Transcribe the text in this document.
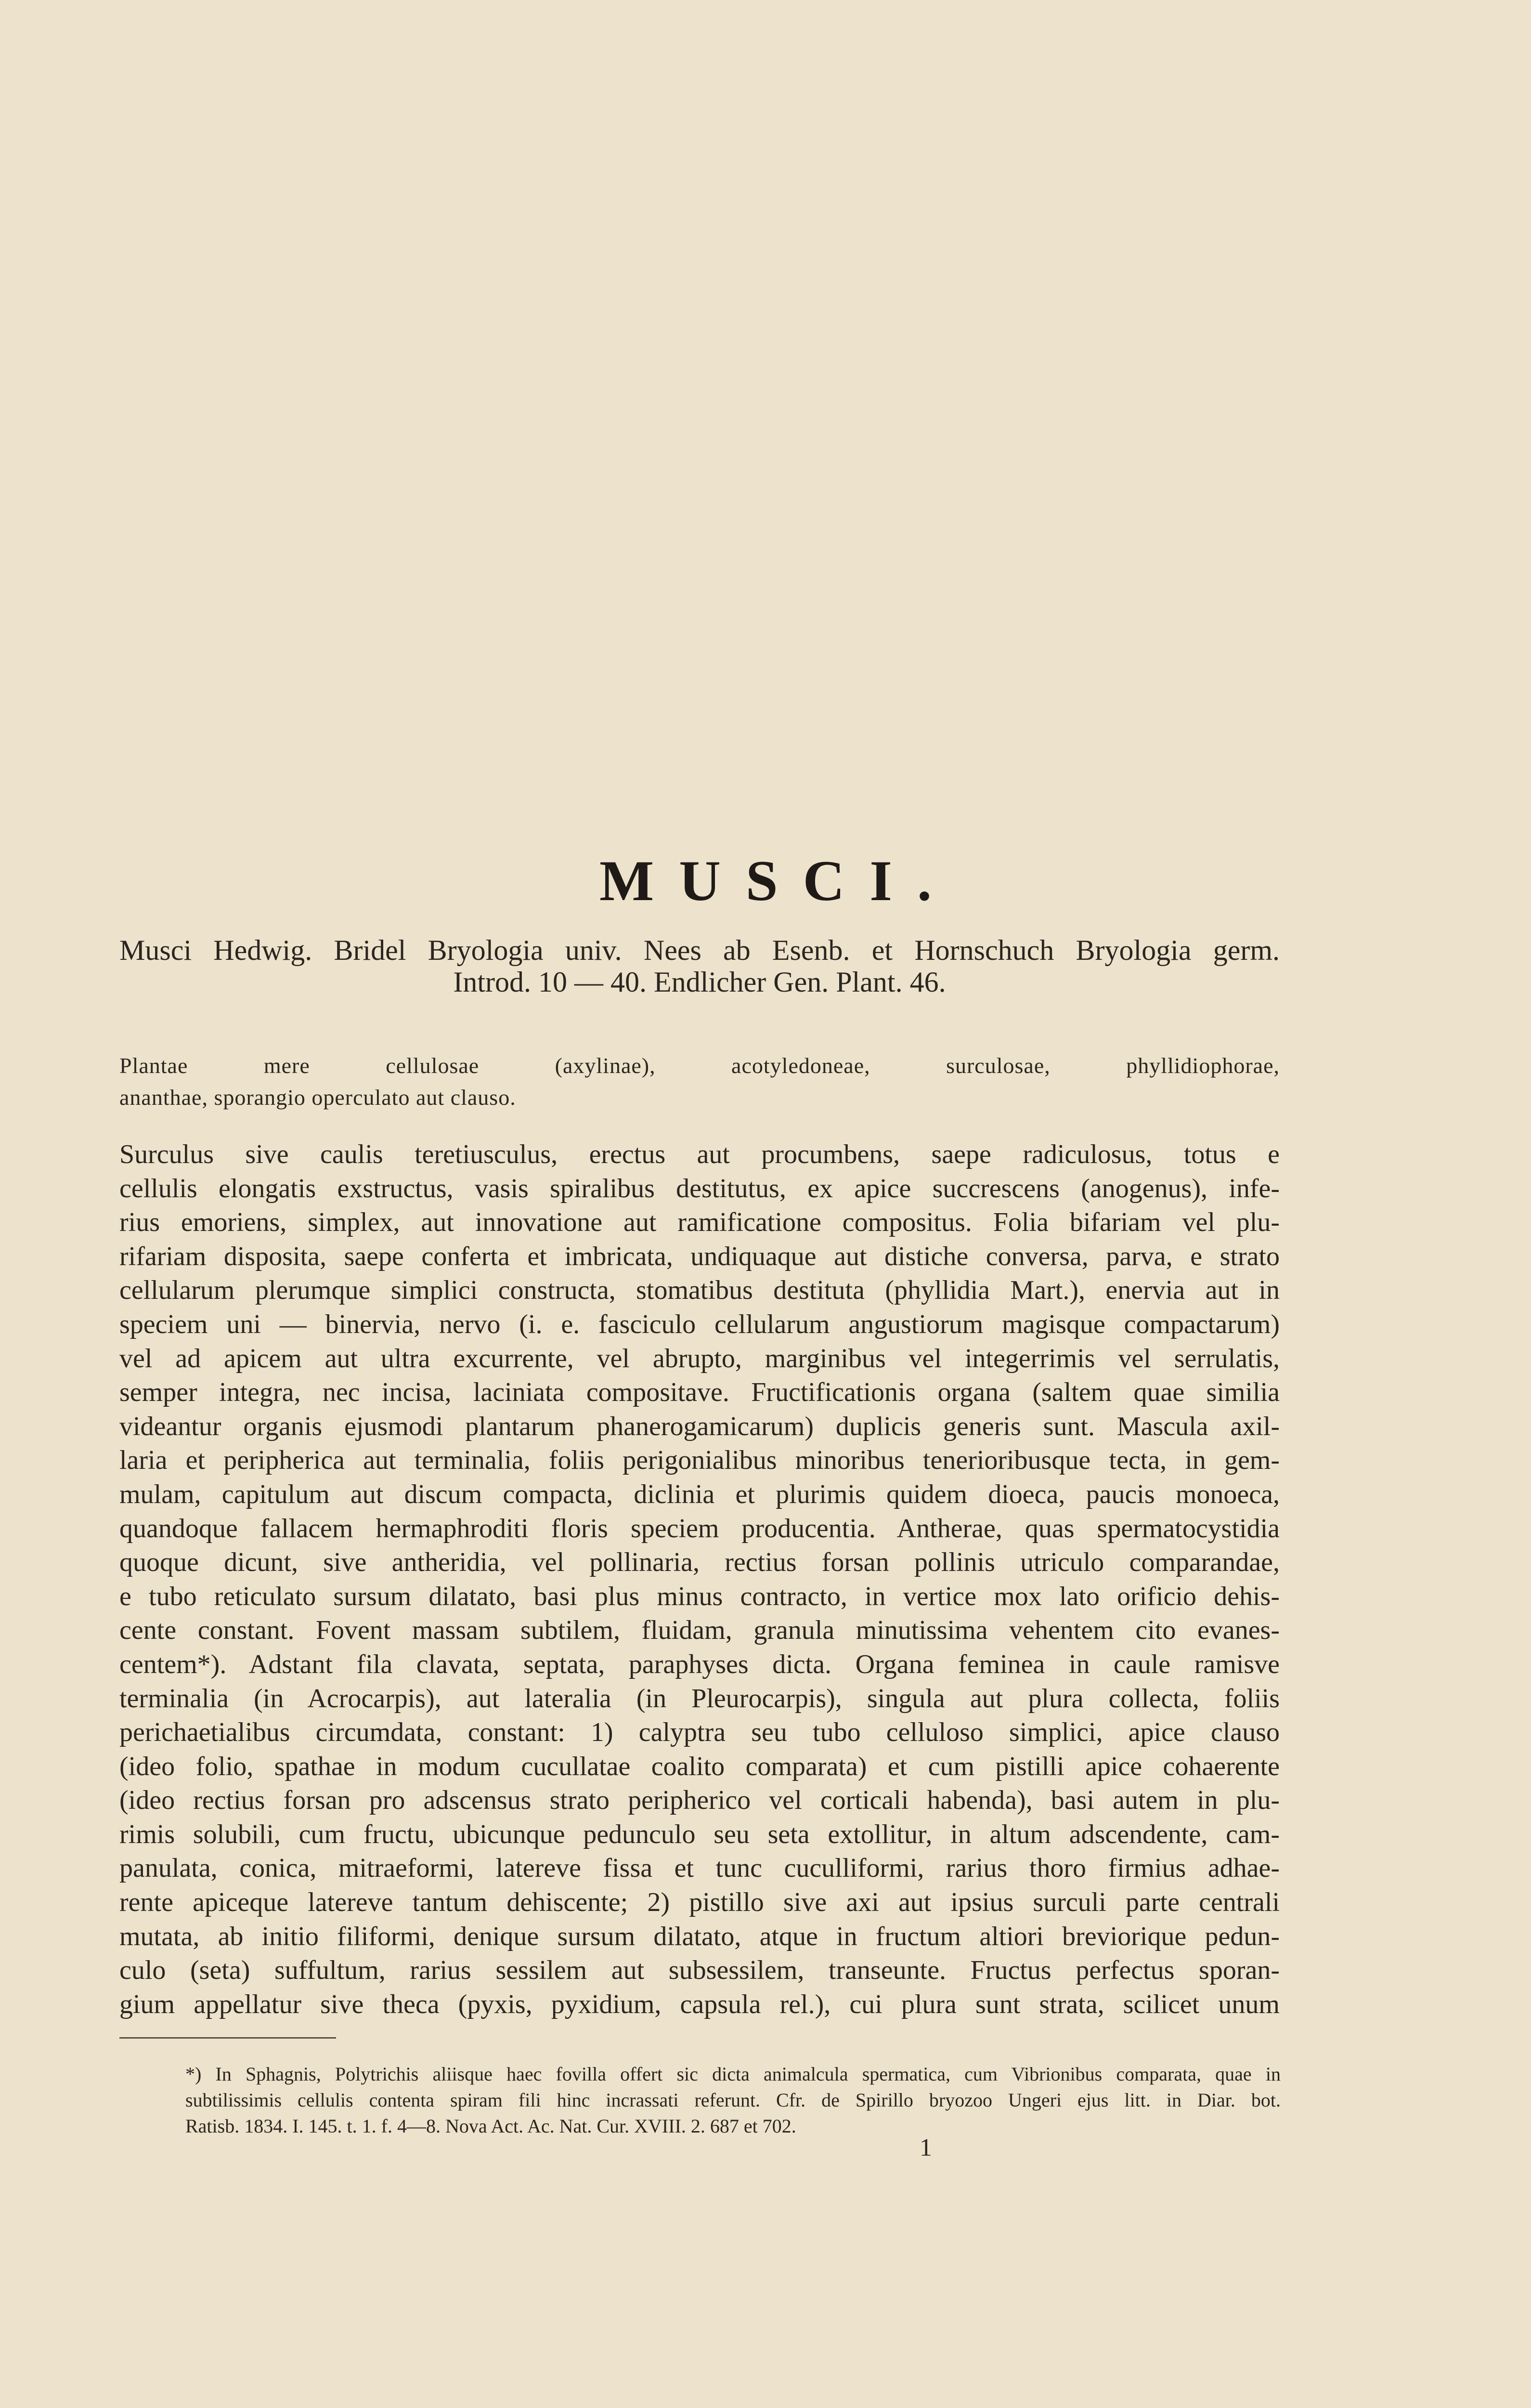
MUSCI.
Musci Hedwig. Bridel Bryologia univ. Nees ab Esenb. et Hornschuch Bryologia germ.
Introd. 10 — 40. Endlicher Gen. Plant. 46.
Plantae mere cellulosae (axylinae), acotyledoneae, surculosae, phyllidiophorae,
ananthae, sporangio operculato aut clauso.
Surculus sive caulis teretiusculus, erectus aut procumbens, saepe radiculosus, totus e
cellulis elongatis exstructus, vasis spiralibus destitutus, ex apice succrescens (anogenus), infe-
rius emoriens, simplex, aut innovatione aut ramificatione compositus. Folia bifariam vel plu-
rifariam disposita, saepe conferta et imbricata, undiquaque aut distiche conversa, parva, e strato
cellularum plerumque simplici constructa, stomatibus destituta (phyllidia Mart.), enervia aut in
speciem uni — binervia, nervo (i. e. fasciculo cellularum angustiorum magisque compactarum)
vel ad apicem aut ultra excurrente, vel abrupto, marginibus vel integerrimis vel serrulatis,
semper integra, nec incisa, laciniata compositave. Fructificationis organa (saltem quae similia
videantur organis ejusmodi plantarum phanerogamicarum) duplicis generis sunt. Mascula axil-
laria et peripherica aut terminalia, foliis perigonialibus minoribus tenerioribusque tecta, in gem-
mulam, capitulum aut discum compacta, diclinia et plurimis quidem dioeca, paucis monoeca,
quandoque fallacem hermaphroditi floris speciem producentia. Antherae, quas spermatocystidia
quoque dicunt, sive antheridia, vel pollinaria, rectius forsan pollinis utriculo comparandae,
e tubo reticulato sursum dilatato, basi plus minus contracto, in vertice mox lato orificio dehis-
cente constant. Fovent massam subtilem, fluidam, granula minutissima vehentem cito evanes-
centem*). Adstant fila clavata, septata, paraphyses dicta. Organa feminea in caule ramisve
terminalia (in Acrocarpis), aut lateralia (in Pleurocarpis), singula aut plura collecta, foliis
perichaetialibus circumdata, constant: 1) calyptra seu tubo celluloso simplici, apice clauso
(ideo folio, spathae in modum cucullatae coalito comparata) et cum pistilli apice cohaerente
(ideo rectius forsan pro adscensus strato peripherico vel corticali habenda), basi autem in plu-
rimis solubili, cum fructu, ubicunque pedunculo seu seta extollitur, in altum adscendente, cam-
panulata, conica, mitraeformi, latereve fissa et tunc cuculliformi, rarius thoro firmius adhae-
rente apiceque latereve tantum dehiscente; 2) pistillo sive axi aut ipsius surculi parte centrali
mutata, ab initio filiformi, denique sursum dilatato, atque in fructum altiori breviorique pedun-
culo (seta) suffultum, rarius sessilem aut subsessilem, transeunte. Fructus perfectus sporan-
gium appellatur sive theca (pyxis, pyxidium, capsula rel.), cui plura sunt strata, scilicet unum
*) In Sphagnis, Polytrichis aliisque haec fovilla offert sic dicta animalcula spermatica, cum Vibrionibus comparata, quae in
subtilissimis cellulis contenta spiram fili hinc incrassati referunt. Cfr. de Spirillo bryozoo Ungeri ejus litt. in Diar. bot.
Ratisb. 1834. I. 145. t. 1. f. 4—8. Nova Act. Ac. Nat. Cur. XVIII. 2. 687 et 702.
1
